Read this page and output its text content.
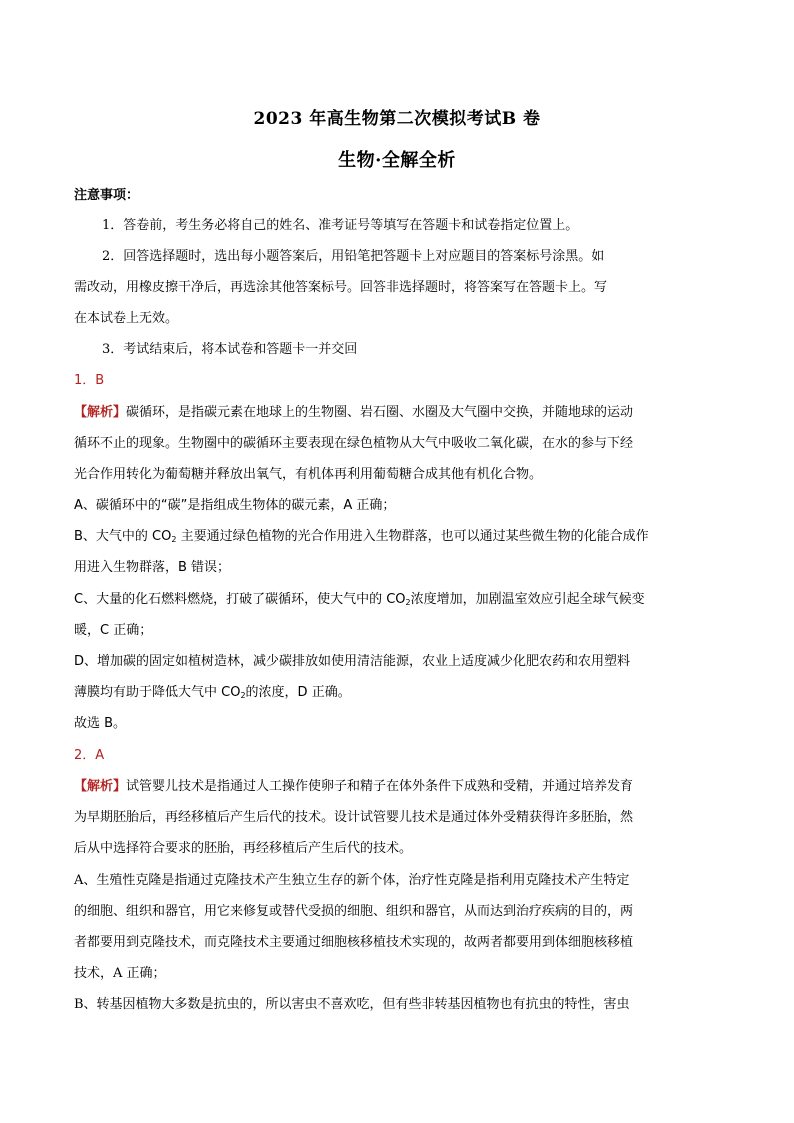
2023 年高生物第二次模拟考试B 卷
生物·全解全析
注意事项：
1．答卷前，考生务必将自己的姓名、准考证号等填写在答题卡和试卷指定位置上。
2．回答选择题时，选出每小题答案后，用铅笔把答题卡上对应题目的答案标号涂黑。如
需改动，用橡皮擦干净后，再选涂其他答案标号。回答非选择题时，将答案写在答题卡上。写
在本试卷上无效。
3．考试结束后，将本试卷和答题卡一并交回
1．B
【解析】碳循环，是指碳元素在地球上的生物圈、岩石圈、水圈及大气圈中交换，并随地球的运动
循环不止的现象。生物圈中的碳循环主要表现在绿色植物从大气中吸收二氧化碳，在水的参与下经
光合作用转化为葡萄糖并释放出氧气，有机体再利用葡萄糖合成其他有机化合物。
A、碳循环中的“碳”是指组成生物体的碳元素，A 正确；
B、大气中的 $CO_2$ 主要通过绿色植物的光合作用进入生物群落，也可以通过某些微生物的化能合成作
用进入生物群落，B 错误；
C、大量的化石燃料燃烧，打破了碳循环，使大气中的 $CO_2$浓度增加，加剧温室效应引起全球气候变
暖，C 正确；
D、增加碳的固定如植树造林，减少碳排放如使用清洁能源，农业上适度减少化肥农药和农用塑料
薄膜均有助于降低大气中 $CO_2$的浓度，D 正确。
故选 B。
2．A
【解析】试管婴儿技术是指通过人工操作使卵子和精子在体外条件下成熟和受精，并通过培养发育
为早期胚胎后，再经移植后产生后代的技术。设计试管婴儿技术是通过体外受精获得许多胚胎，然
后从中选择符合要求的胚胎，再经移植后产生后代的技术。
A、生殖性克隆是指通过克隆技术产生独立生存的新个体，治疗性克隆是指利用克隆技术产生特定
的细胞、组织和器官，用它来修复或替代受损的细胞、组织和器官，从而达到治疗疾病的目的，两
者都要用到克隆技术，而克隆技术主要通过细胞核移植技术实现的，故两者都要用到体细胞核移植
技术，A 正确；
B、转基因植物大多数是抗虫的，所以害虫不喜欢吃，但有些非转基因植物也有抗虫的特性，害虫
